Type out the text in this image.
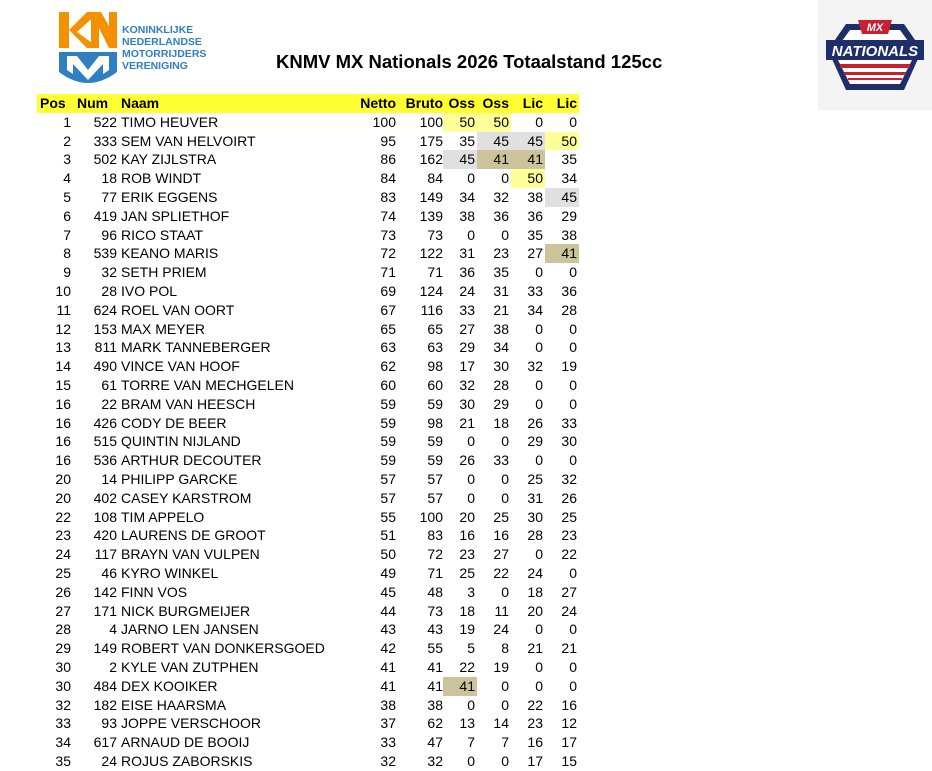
KONINKLIJKE
NEDERLANDSE
MOTORRIJDERS
VERENIGING	KNMV MX Nationals 2026 Totaalstand 125cc
MX
NATIONALS
Pos	Num	Naam	Netto	Bruto	Oss	Oss	Lic	Lic
1	522	TIMO HEUVER	100	100	50	50	0	0
2	333	SEM VAN HELVOIRT	95	175	35	45	45	50
3	502	KAY ZIJLSTRA	86	162	45	41	41	35
4	18	ROB WINDT	84	84	0	0	50	34
5	77	ERIK EGGENS	83	149	34	32	38	45
6	419	JAN SPLIETHOF	74	139	38	36	36	29
7	96	RICO STAAT	73	73	0	0	35	38
8	539	KEANO MARIS	72	122	31	23	27	41
9	32	SETH PRIEM	71	71	36	35	0	0
10	28	IVO POL	69	124	24	31	33	36
11	624	ROEL VAN OORT	67	116	33	21	34	28
12	153	MAX MEYER	65	65	27	38	0	0
13	811	MARK TANNEBERGER	63	63	29	34	0	0
14	490	VINCE VAN HOOF	62	98	17	30	32	19
15	61	TORRE VAN MECHGELEN	60	60	32	28	0	0
16	22	BRAM VAN HEESCH	59	59	30	29	0	0
16	426	CODY DE BEER	59	98	21	18	26	33
16	515	QUINTIN NIJLAND	59	59	0	0	29	30
16	536	ARTHUR DECOUTER	59	59	26	33	0	0
20	14	PHILIPP GARCKE	57	57	0	0	25	32
20	402	CASEY KARSTROM	57	57	0	0	31	26
22	108	TIM APPELO	55	100	20	25	30	25
23	420	LAURENS DE GROOT	51	83	16	16	28	23
24	117	BRAYN VAN VULPEN	50	72	23	27	0	22
25	46	KYRO WINKEL	49	71	25	22	24	0
26	142	FINN VOS	45	48	3	0	18	27
27	171	NICK BURGMEIJER	44	73	18	11	20	24
28	4	JARNO LEN JANSEN	43	43	19	24	0	0
29	149	ROBERT VAN DONKERSGOED	42	55	5	8	21	21
30	2	KYLE VAN ZUTPHEN	41	41	22	19	0	0
30	484	DEX KOOIKER	41	41	41	0	0	0
32	182	EISE HAARSMA	38	38	0	0	22	16
33	93	JOPPE VERSCHOOR	37	62	13	14	23	12
34	617	ARNAUD DE BOOIJ	33	47	7	7	16	17
35	24	ROJUS ZABORSKIS	32	32	0	0	17	15
